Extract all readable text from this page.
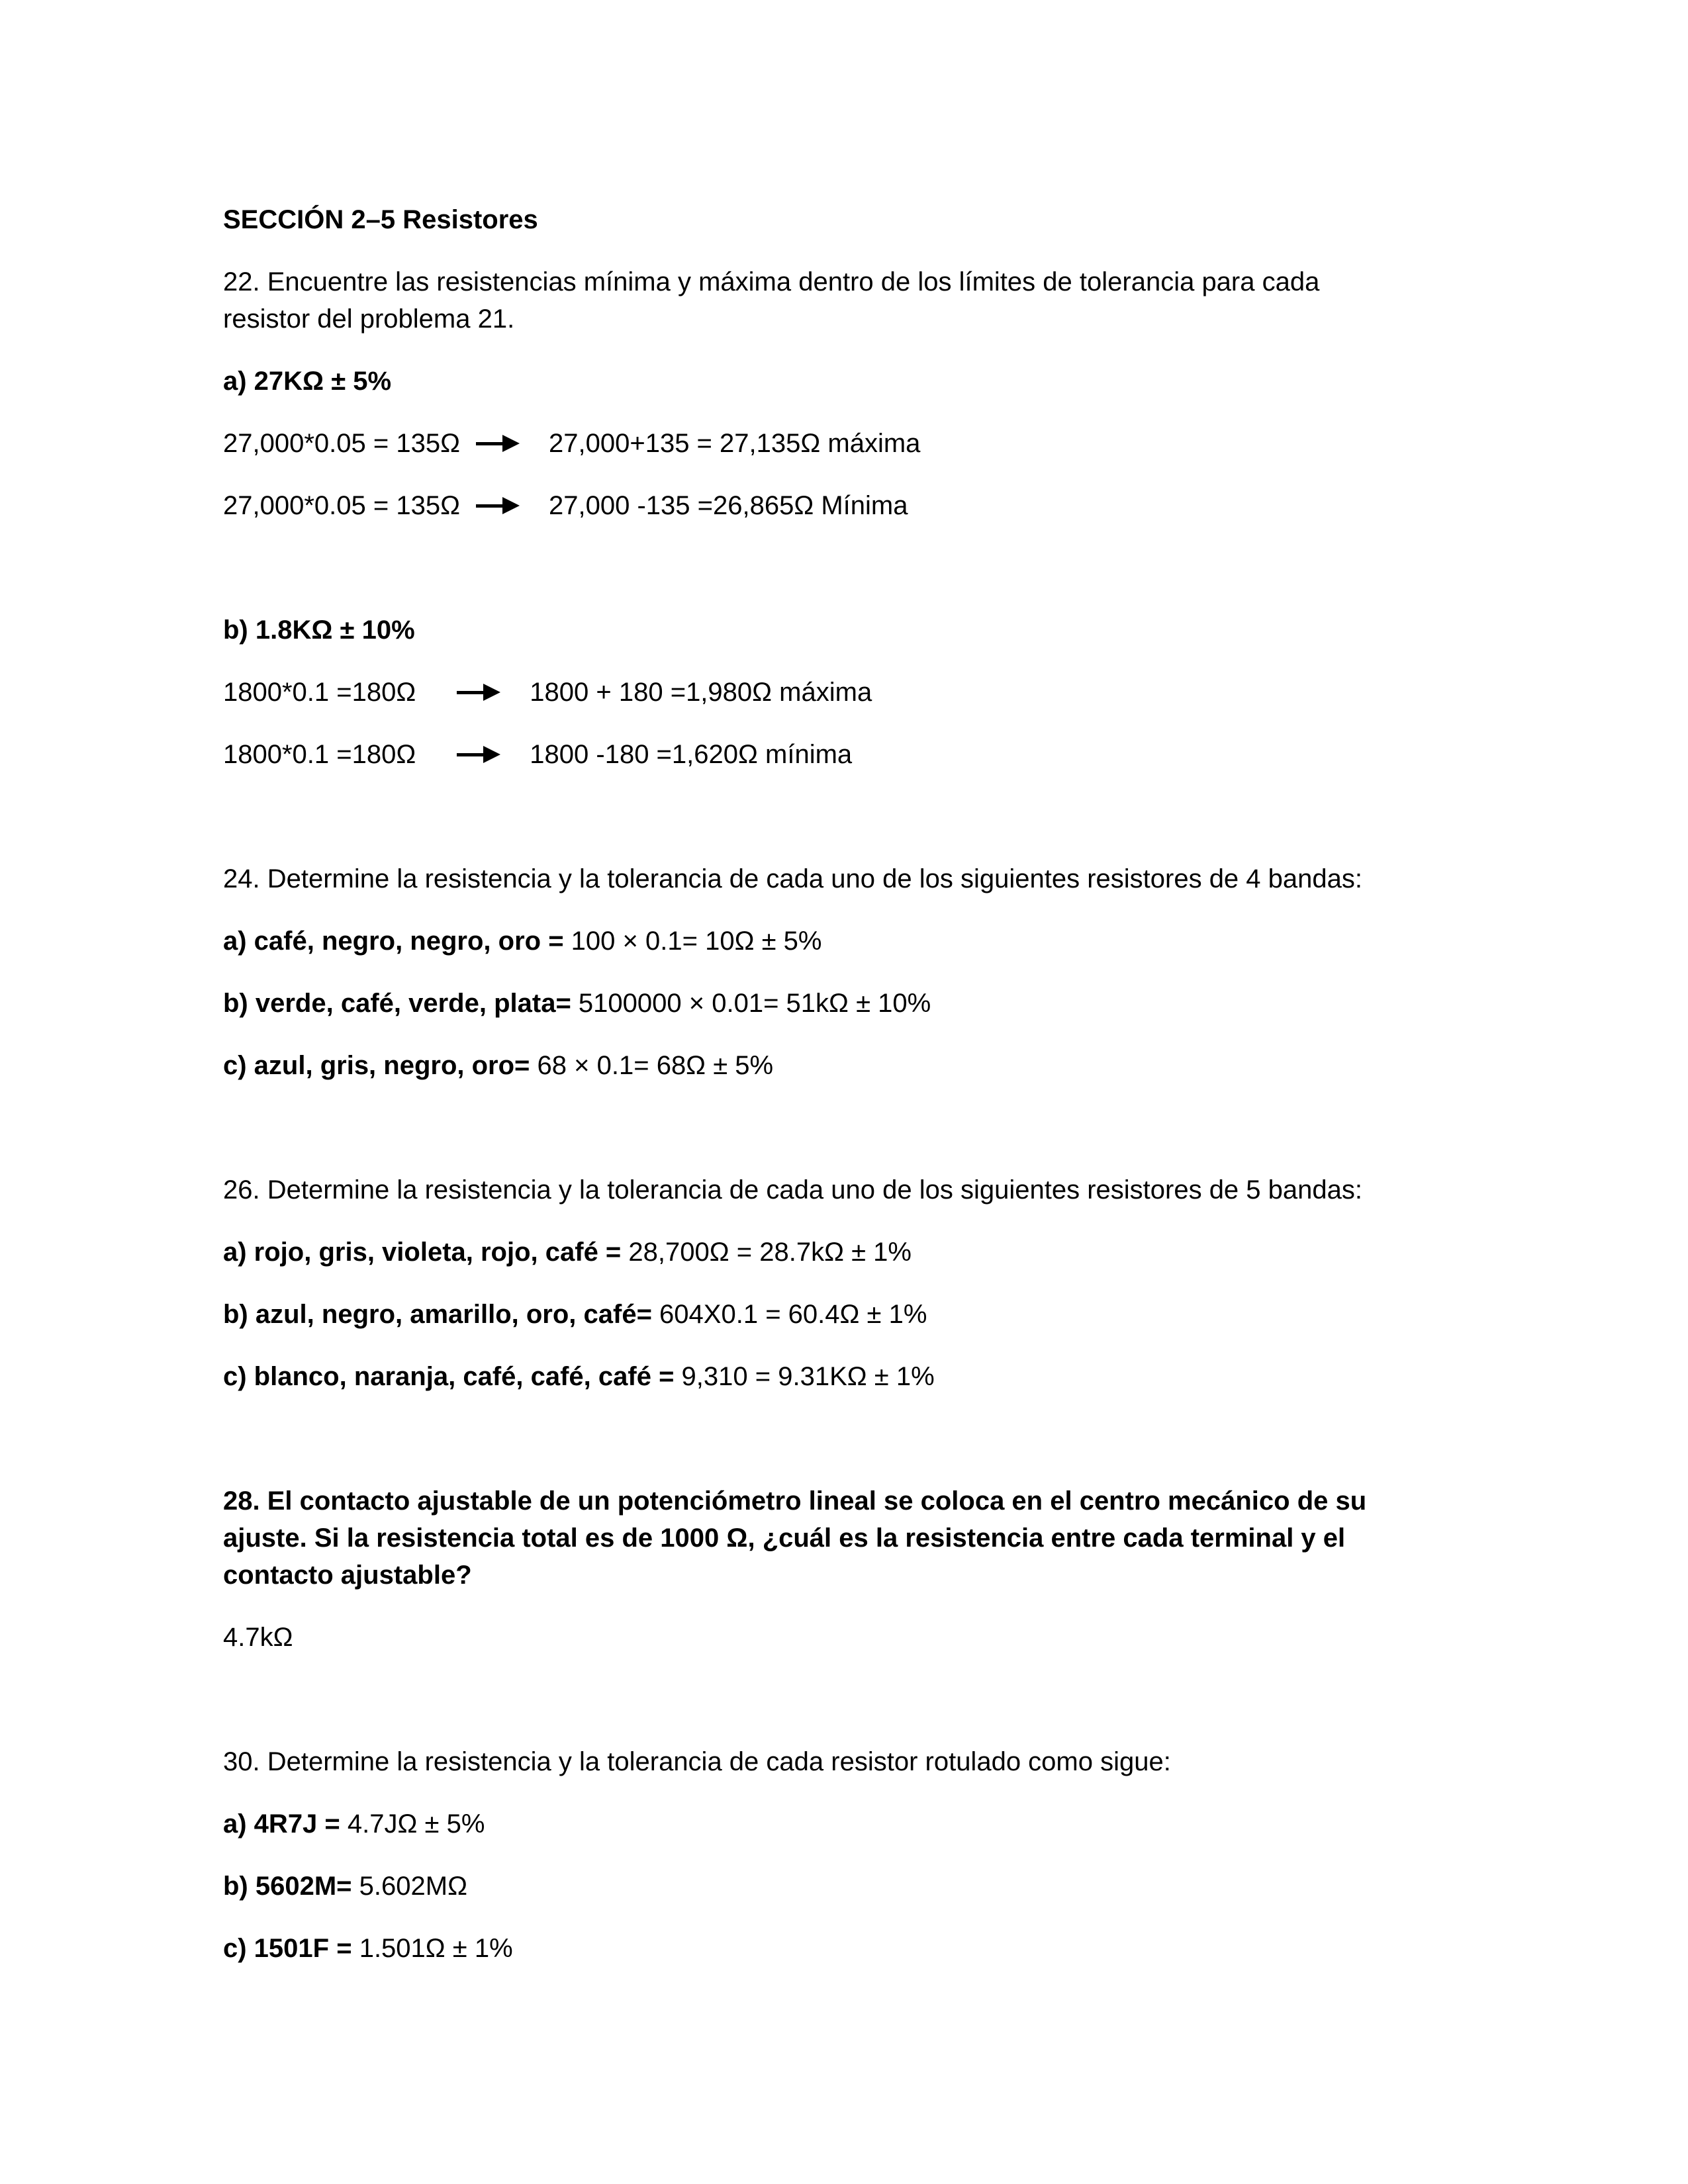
SECCIÓN 2–5 Resistores
22. Encuentre las resistencias mínima y máxima dentro de los límites de tolerancia para cada
resistor del problema 21.
a) 27KΩ ± 5%
27,000*0.05 = 135Ω	27,000+135 = 27,135Ω máxima
27,000*0.05 = 135Ω	27,000 -135 =26,865Ω Mínima
b) 1.8KΩ ± 10%
1800*0.1 =180Ω	1800 + 180 =1,980Ω máxima
1800*0.1 =180Ω	1800 -180 =1,620Ω mínima
24. Determine la resistencia y la tolerancia de cada uno de los siguientes resistores de 4 bandas:
a) café, negro, negro, oro = 100 × 0.1= 10Ω ± 5%
b) verde, café, verde, plata= 5100000 × 0.01= 51kΩ ± 10%
c) azul, gris, negro, oro= 68 × 0.1= 68Ω ± 5%
26. Determine la resistencia y la tolerancia de cada uno de los siguientes resistores de 5 bandas:
a) rojo, gris, violeta, rojo, café = 28,700Ω = 28.7kΩ ± 1%
b) azul, negro, amarillo, oro, café= 604X0.1 = 60.4Ω ± 1%
c) blanco, naranja, café, café, café = 9,310 = 9.31KΩ ± 1%
28. El contacto ajustable de un potenciómetro lineal se coloca en el centro mecánico de su
ajuste. Si la resistencia total es de 1000 Ω, ¿cuál es la resistencia entre cada terminal y el
contacto ajustable?
4.7kΩ
30. Determine la resistencia y la tolerancia de cada resistor rotulado como sigue:
a) 4R7J = 4.7JΩ ± 5%
b) 5602M= 5.602MΩ
c) 1501F = 1.501Ω ± 1%
